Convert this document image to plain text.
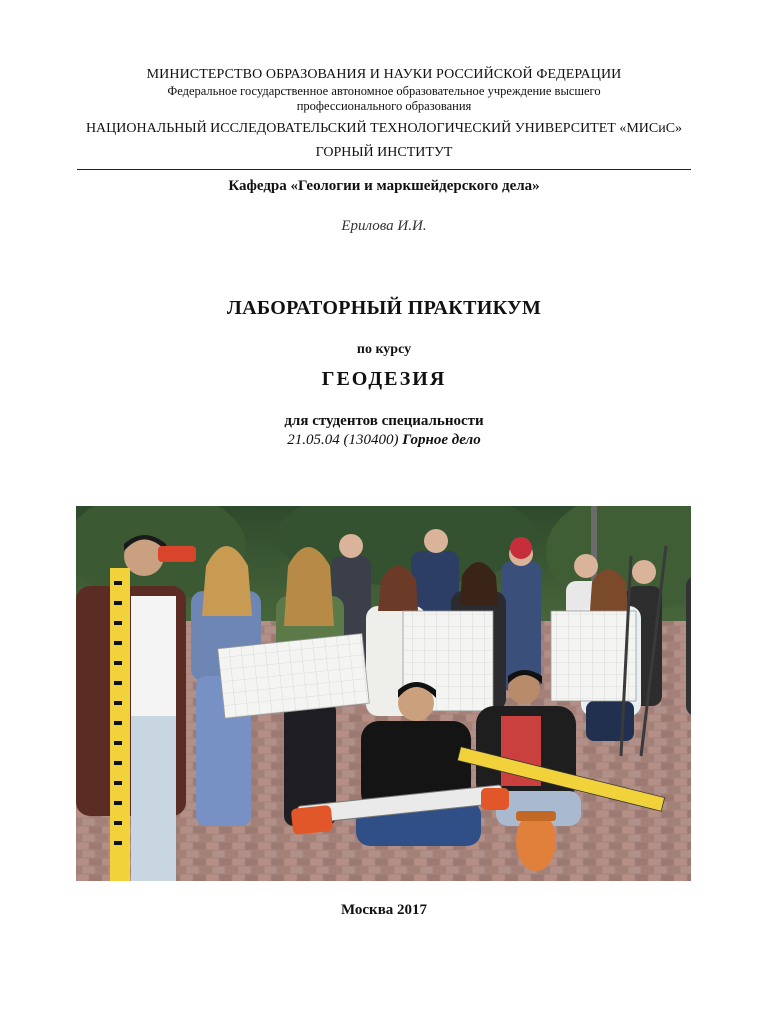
МИНИСТЕРСТВО ОБРАЗОВАНИЯ И НАУКИ РОССИЙСКОЙ ФЕДЕРАЦИИ
Федеральное государственное автономное образовательное учреждение высшего
профессионального образования
НАЦИОНАЛЬНЫЙ ИССЛЕДОВАТЕЛЬСКИЙ ТЕХНОЛОГИЧЕСКИЙ УНИВЕРСИТЕТ «МИСиС»
ГОРНЫЙ ИНСТИТУТ
Кафедра «Геологии и маркшейдерского дела»
Ерилова И.И.
ЛАБОРАТОРНЫЙ ПРАКТИКУМ
по курсу
ГЕОДЕЗИЯ
для студентов специальности
21.05.04 (130400) Горное дело
Москва 2017
